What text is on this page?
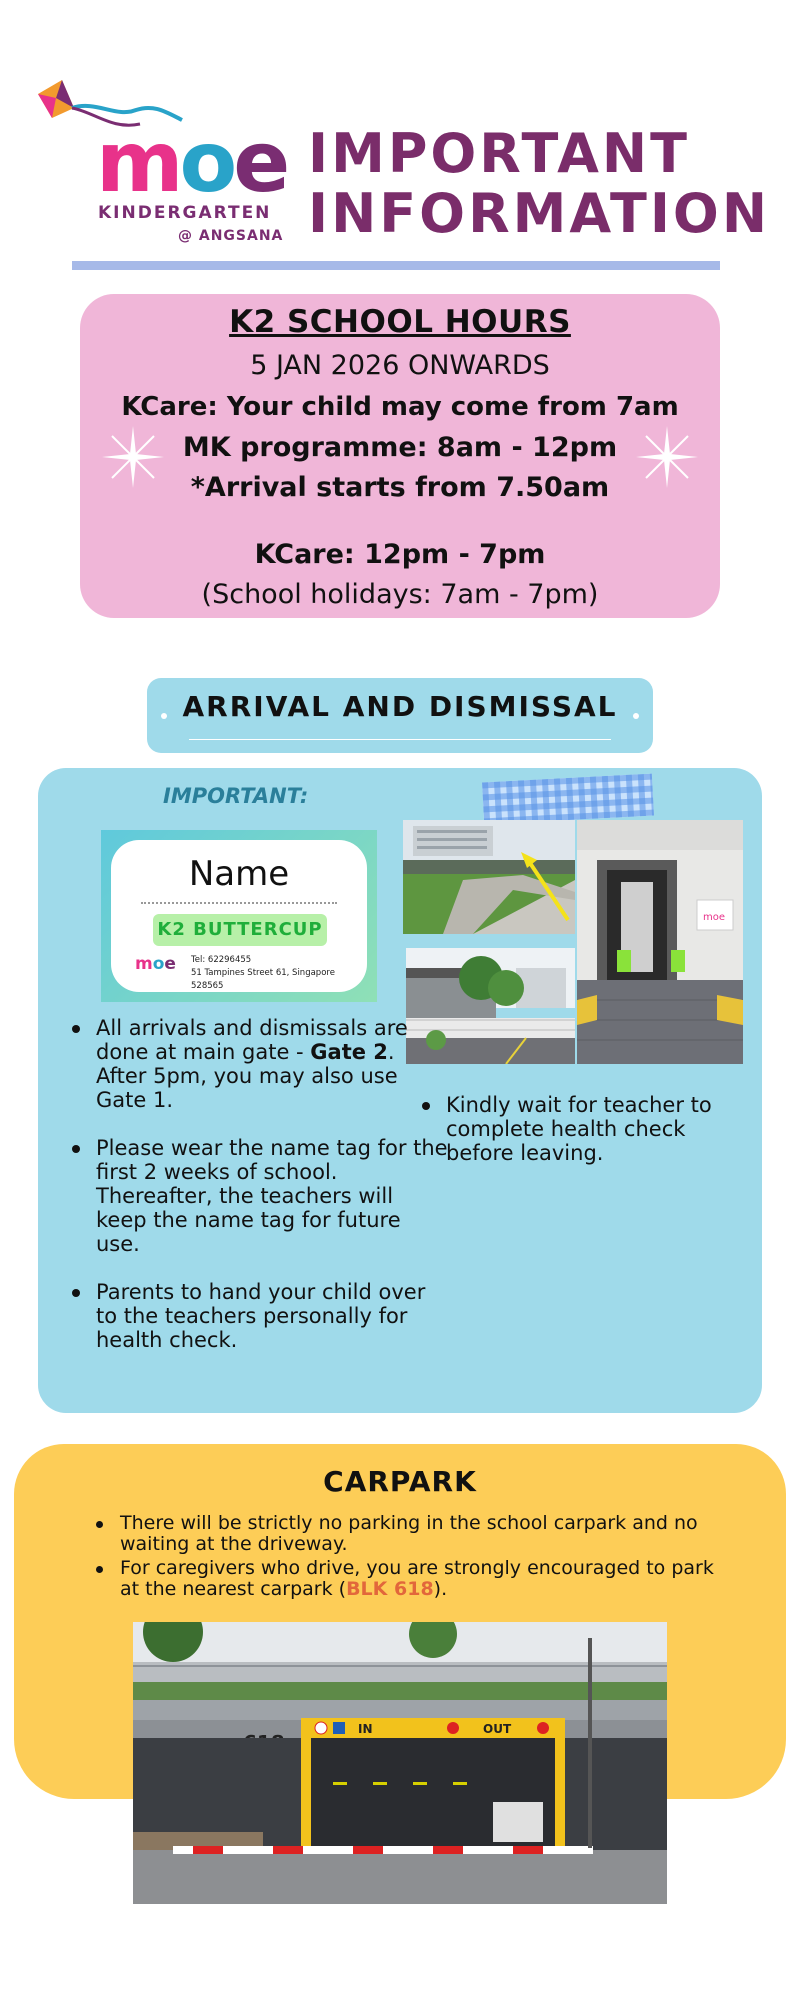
moe
KINDERGARTEN
@ ANGSANA
IMPORTANT
INFORMATION
K2 SCHOOL HOURS
5 JAN 2026 ONWARDS
KCare: Your child may come from 7am
MK programme: 8am - 12pm
*Arrival starts from 7.50am
KCare: 12pm - 7pm
(School holidays: 7am - 7pm)
ARRIVAL AND DISMISSAL
IMPORTANT:
Name
K2 BUTTERCUP
moe Tel: 62296455
51 Tampines Street 61, Singapore 528565
moe
All arrivals and dismissals are done at main gate - Gate 2. After 5pm, you may also use Gate 1.
Please wear the name tag for the first 2 weeks of school. Thereafter, the teachers will keep the name tag for future use.
Parents to hand your child over to the teachers personally for health check.
Kindly wait for teacher to complete health check before leaving.
CARPARK
There will be strictly no parking in the school carpark and no waiting at the driveway.
For caregivers who drive, you are strongly encouraged to park at the nearest carpark (BLK 618).
IN	OUT
